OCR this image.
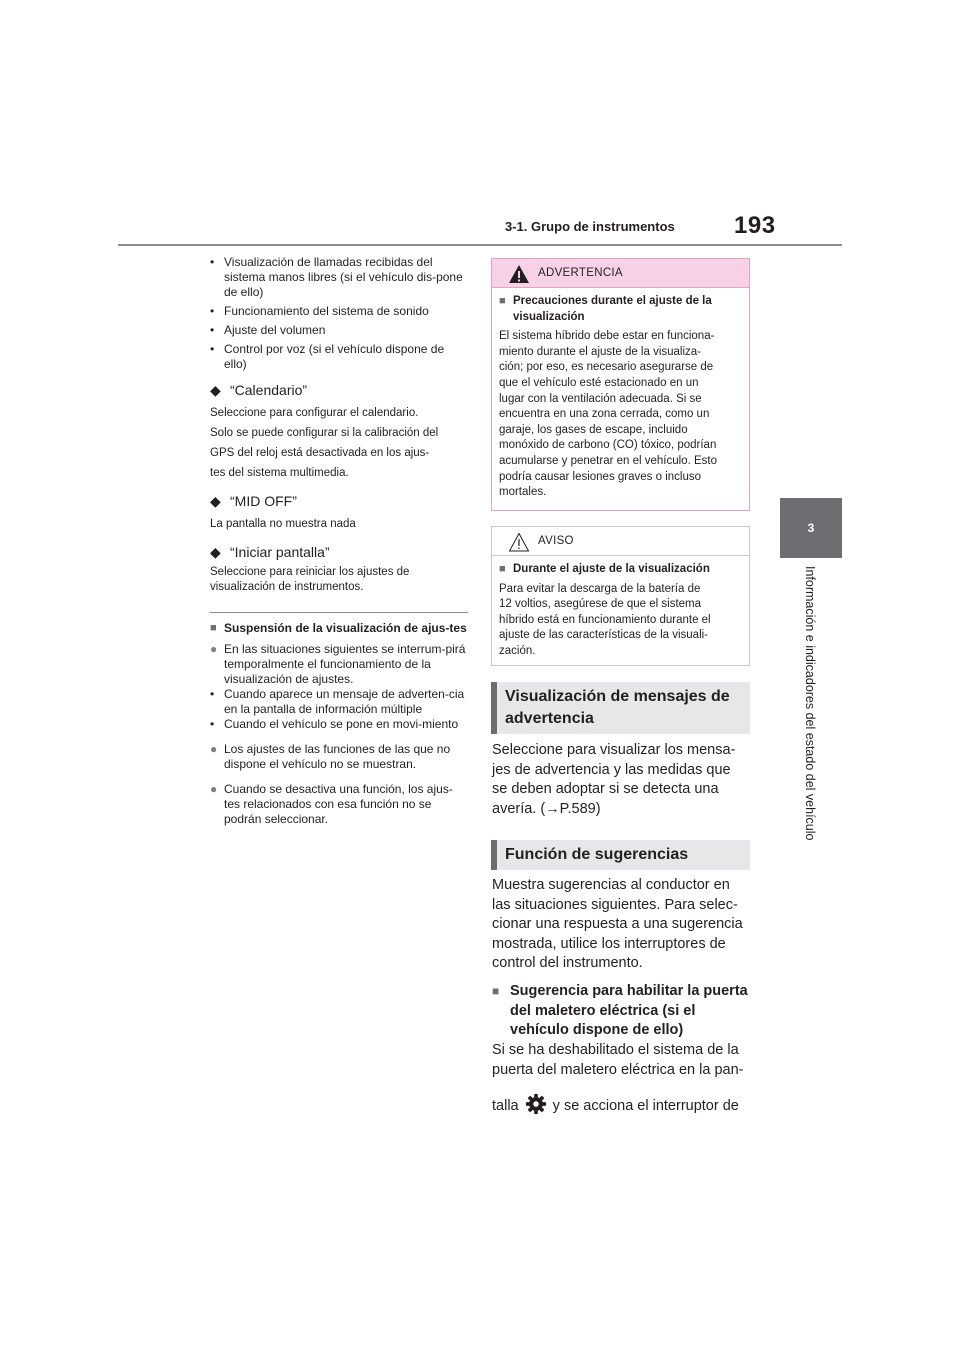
3-1. Grupo de instrumentos 193
3
Información e indicadores del estado del vehículo
• Visualización de llamadas recibidas del sistema manos libres (si el vehículo dis-pone de ello)
• Funcionamiento del sistema de sonido
• Ajuste del volumen
• Control por voz (si el vehículo dispone de ello)
◆ “Calendario”
Seleccione para configurar el calendario.
Solo se puede configurar si la calibración del
GPS del reloj está desactivada en los ajus-
tes del sistema multimedia.
◆ “MID OFF”
La pantalla no muestra nada
◆ “Iniciar pantalla”
Seleccione para reiniciar los ajustes de visualización de instrumentos.
■ Suspensión de la visualización de ajus-tes
● En las situaciones siguientes se interrum-pirá temporalmente el funcionamiento de la visualización de ajustes.
• Cuando aparece un mensaje de adverten-cia en la pantalla de información múltiple
• Cuando el vehículo se pone en movi-miento
● Los ajustes de las funciones de las que no dispone el vehículo no se muestran.
● Cuando se desactiva una función, los ajus-tes relacionados con esa función no se podrán seleccionar.
ADVERTENCIA
■ Precauciones durante el ajuste de la visualización
El sistema híbrido debe estar en funciona-
miento durante el ajuste de la visualiza-
ción; por eso, es necesario asegurarse de
que el vehículo esté estacionado en un
lugar con la ventilación adecuada. Si se
encuentra en una zona cerrada, como un
garaje, los gases de escape, incluido
monóxido de carbono (CO) tóxico, podrían
acumularse y penetrar en el vehículo. Esto
podría causar lesiones graves o incluso
mortales.
AVISO
■ Durante el ajuste de la visualización
Para evitar la descarga de la batería de
12 voltios, asegúrese de que el sistema
híbrido está en funcionamiento durante el
ajuste de las características de la visuali-
zación.
Visualización de mensajes de
advertencia
Seleccione para visualizar los mensa-
jes de advertencia y las medidas que
se deben adoptar si se detecta una
avería. (→P.589)
Función de sugerencias
Muestra sugerencias al conductor en
las situaciones siguientes. Para selec-
cionar una respuesta a una sugerencia
mostrada, utilice los interruptores de
control del instrumento.
■ Sugerencia para habilitar la puerta del maletero eléctrica (si el vehículo dispone de ello)
Si se ha deshabilitado el sistema de la
puerta del maletero eléctrica en la pan-
talla y se acciona el interruptor de
